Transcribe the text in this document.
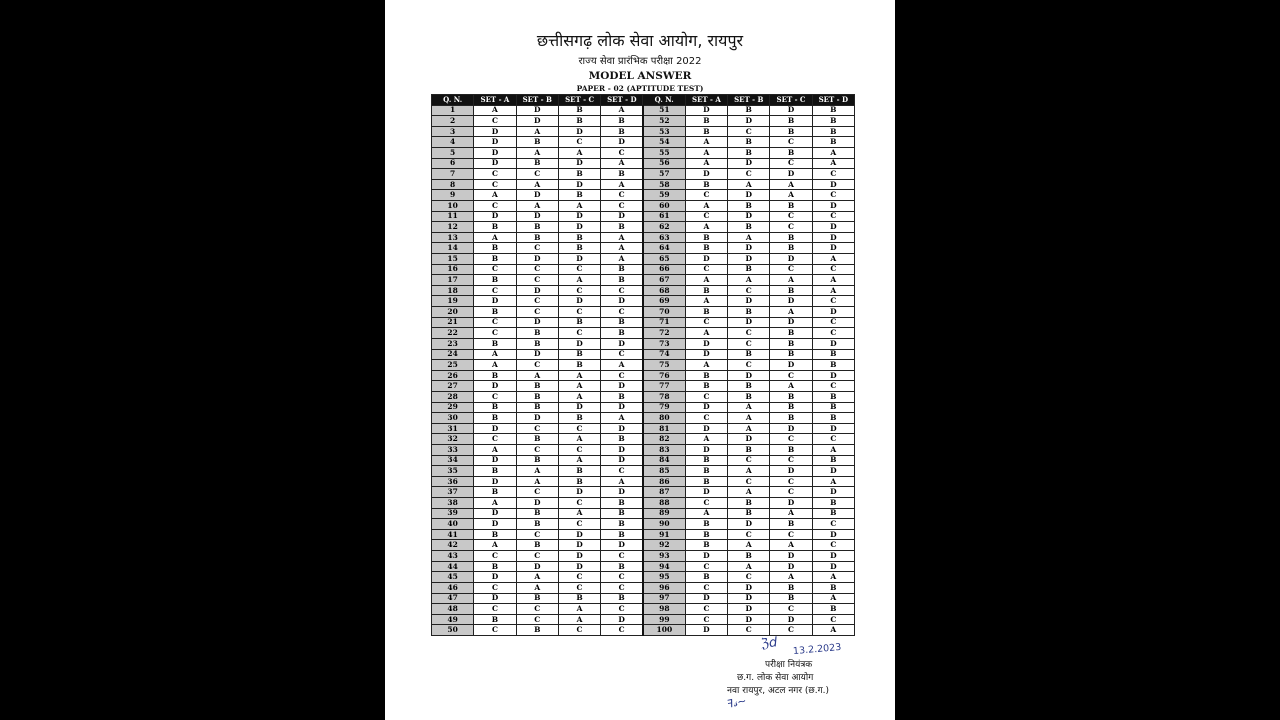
छत्तीसगढ़ लोक सेवा आयोग, रायपुर
राज्य सेवा प्रारंभिक परीक्षा 2022
MODEL ANSWER
PAPER - 02 (APTITUDE TEST)
Q. N.	SET - A	SET - B	SET - C	SET - D	Q. N.	SET - A	SET - B	SET - C	SET - D
1	A	D	B	A	51	D	B	D	B
2	C	D	B	B	52	B	D	B	B
3	D	A	D	B	53	B	C	B	B
4	D	B	C	D	54	A	B	C	B
5	D	A	A	C	55	A	B	B	A
6	D	B	D	A	56	A	D	C	A
7	C	C	B	B	57	D	C	D	C
8	C	A	D	A	58	B	A	A	D
9	A	D	B	C	59	C	D	A	C
10	C	A	A	C	60	A	B	B	D
11	D	D	D	D	61	C	D	C	C
12	B	B	D	B	62	A	B	C	D
13	A	B	B	A	63	B	A	B	D
14	B	C	B	A	64	B	D	B	D
15	B	D	D	A	65	D	D	D	A
16	C	C	C	B	66	C	B	C	C
17	B	C	A	B	67	A	A	A	A
18	C	D	C	C	68	B	C	B	A
19	D	C	D	D	69	A	D	D	C
20	B	C	C	C	70	B	B	A	D
21	C	D	B	B	71	C	D	D	C
22	C	B	C	B	72	A	C	B	C
23	B	B	D	D	73	D	C	B	D
24	A	D	B	C	74	D	B	B	B
25	A	C	B	A	75	A	C	D	B
26	B	A	A	C	76	B	D	C	D
27	D	B	A	D	77	B	B	A	C
28	C	B	A	B	78	C	B	B	B
29	B	B	D	D	79	D	A	B	B
30	B	D	B	A	80	C	A	B	B
31	D	C	C	D	81	D	A	D	D
32	C	B	A	B	82	A	D	C	C
33	A	C	C	D	83	D	B	B	A
34	D	B	A	D	84	B	C	C	B
35	B	A	B	C	85	B	A	D	D
36	D	A	B	A	86	B	C	C	A
37	B	C	D	D	87	D	A	C	D
38	A	D	C	B	88	C	B	D	B
39	D	B	A	B	89	A	B	A	B
40	D	B	C	B	90	B	D	B	C
41	B	C	D	B	91	B	C	C	D
42	A	B	D	D	92	B	A	A	C
43	C	C	D	C	93	D	B	D	D
44	B	D	D	B	94	C	A	D	D
45	D	A	C	C	95	B	C	A	A
46	C	A	C	C	96	C	D	B	B
47	D	B	B	B	97	D	D	B	A
48	C	C	A	C	98	C	D	C	B
49	B	C	A	D	99	C	D	D	C
50	C	B	C	C	100	D	C	C	A
ℨd 13.2.2023
परीक्षा नियंत्रक
छ.ग. लोक सेवा आयोग
नवा रायपुर, अटल नगर (छ.ग.)
ꟻ𝓈~
